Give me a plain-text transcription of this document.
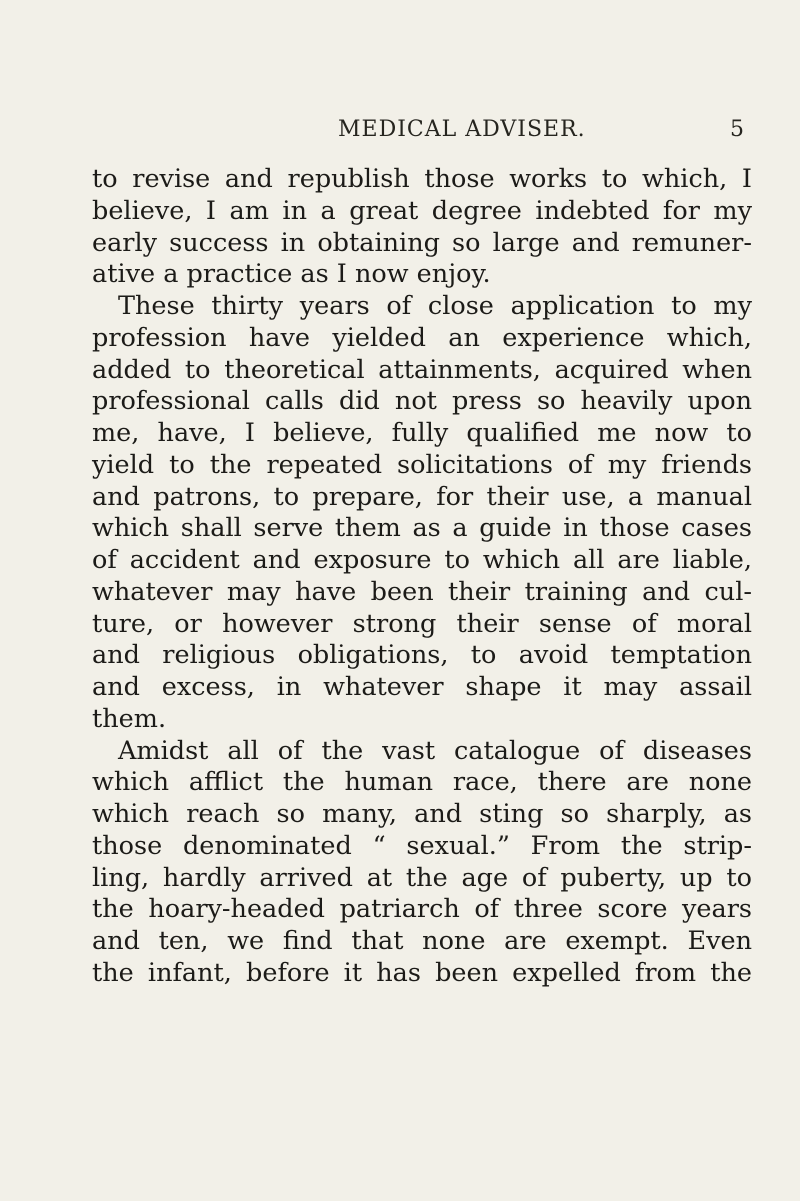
MEDICAL ADVISER.	5
to revise and republish those works to which, I
believe, I am in a great degree indebted for my
early success in obtaining so large and remuner-
ative a practice as I now enjoy.
These thirty years of close application to my
profession have yielded an experience which,
added to theoretical attainments, acquired when
professional calls did not press so heavily upon
me, have, I believe, fully qualified me now to
yield to the repeated solicitations of my friends
and patrons, to prepare, for their use, a manual
which shall serve them as a guide in those cases
of accident and exposure to which all are liable,
whatever may have been their training and cul-
ture, or however strong their sense of moral
and religious obligations, to avoid temptation
and excess, in whatever shape it may assail
them.
Amidst all of the vast catalogue of diseases
which afflict the human race, there are none
which reach so many, and sting so sharply, as
those denominated “ sexual.” From the strip-
ling, hardly arrived at the age of puberty, up to
the hoary-headed patriarch of three score years
and ten, we find that none are exempt. Even
the infant, before it has been expelled from the
